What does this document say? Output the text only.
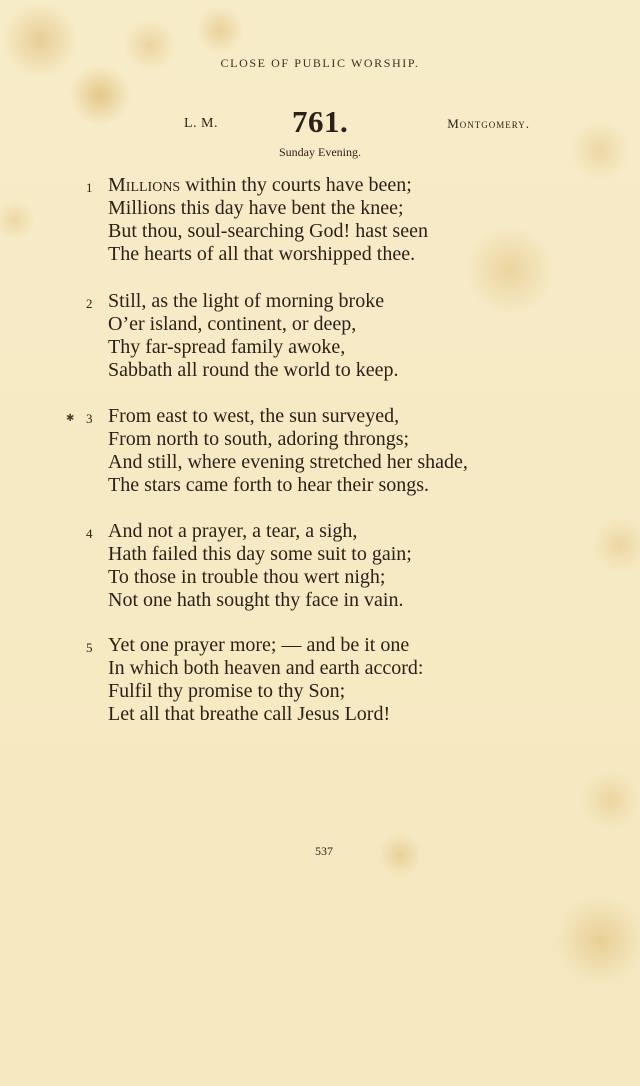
CLOSE OF PUBLIC WORSHIP.
L. M. 761.	Montgomery.
Sunday Evening.
✱
1 Millions within thy courts have been;
Millions this day have bent the knee;
But thou, soul-searching God! hast seen
The hearts of all that worshipped thee.
2 Still, as the light of morning broke
O’er island, continent, or deep,
Thy far-spread family awoke,
Sabbath all round the world to keep.
3 From east to west, the sun surveyed,
From north to south, adoring throngs;
And still, where evening stretched her shade,
The stars came forth to hear their songs.
4 And not a prayer, a tear, a sigh,
Hath failed this day some suit to gain;
To those in trouble thou wert nigh;
Not one hath sought thy face in vain.
5 Yet one prayer more; — and be it one
In which both heaven and earth accord:
Fulfil thy promise to thy Son;
Let all that breathe call Jesus Lord!
537
